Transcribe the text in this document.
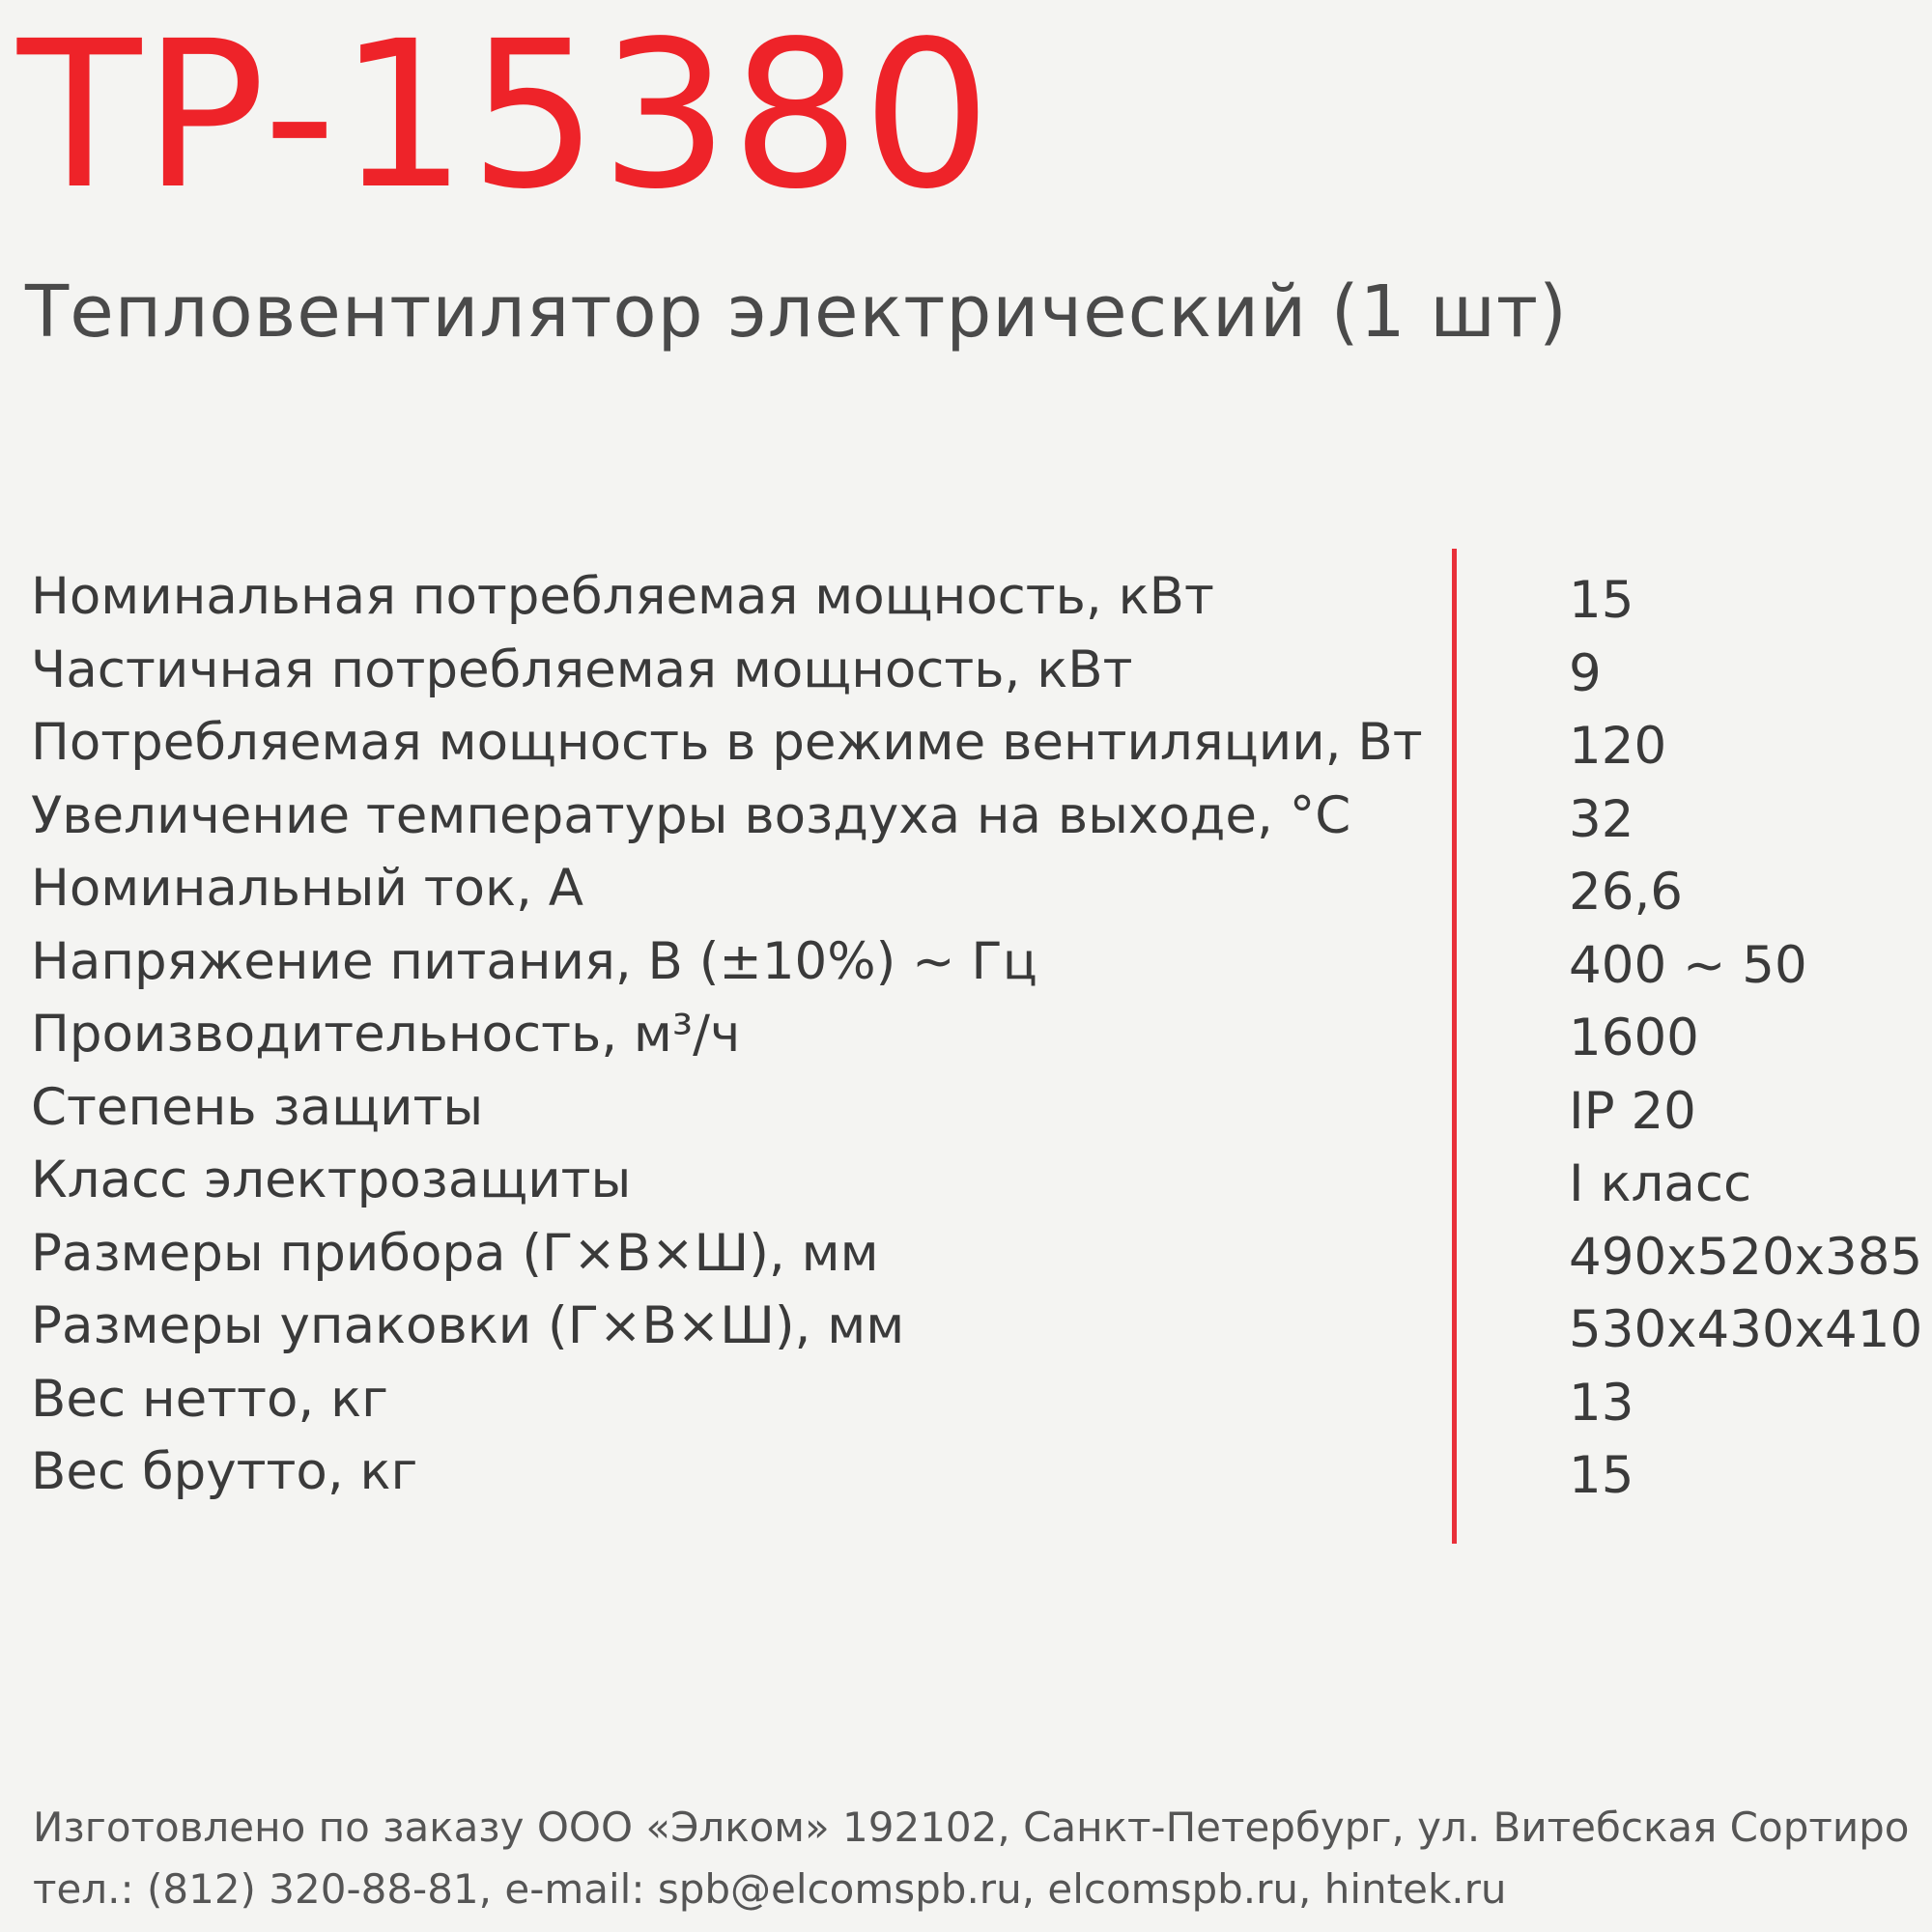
TP-15380
Тепловентилятор электрический (1 шт)
Номинальная потребляемая мощность, кВт	15
Частичная потребляемая мощность, кВт	9
Потребляемая мощность в режиме вентиляции, Вт	120
Увеличение температуры воздуха на выходе, °С	32
Номинальный ток, А	26,6
Напряжение питания, В (±10%) ~ Гц	400 ~ 50
Производительность, м³/ч	1600
Степень защиты	IP 20
Класс электрозащиты	I класс
Размеры прибора (Г×В×Ш), мм	490x520x385
Размеры упаковки (Г×В×Ш), мм	530x430x410
Вес нетто, кг	13
Вес брутто, кг	15
Изготовлено по заказу ООО «Элком» 192102, Санкт-Петербург, ул. Витебская Сортиро
тел.: (812) 320-88-81, e-mail: spb@elcomspb.ru, elcomspb.ru, hintek.ru
